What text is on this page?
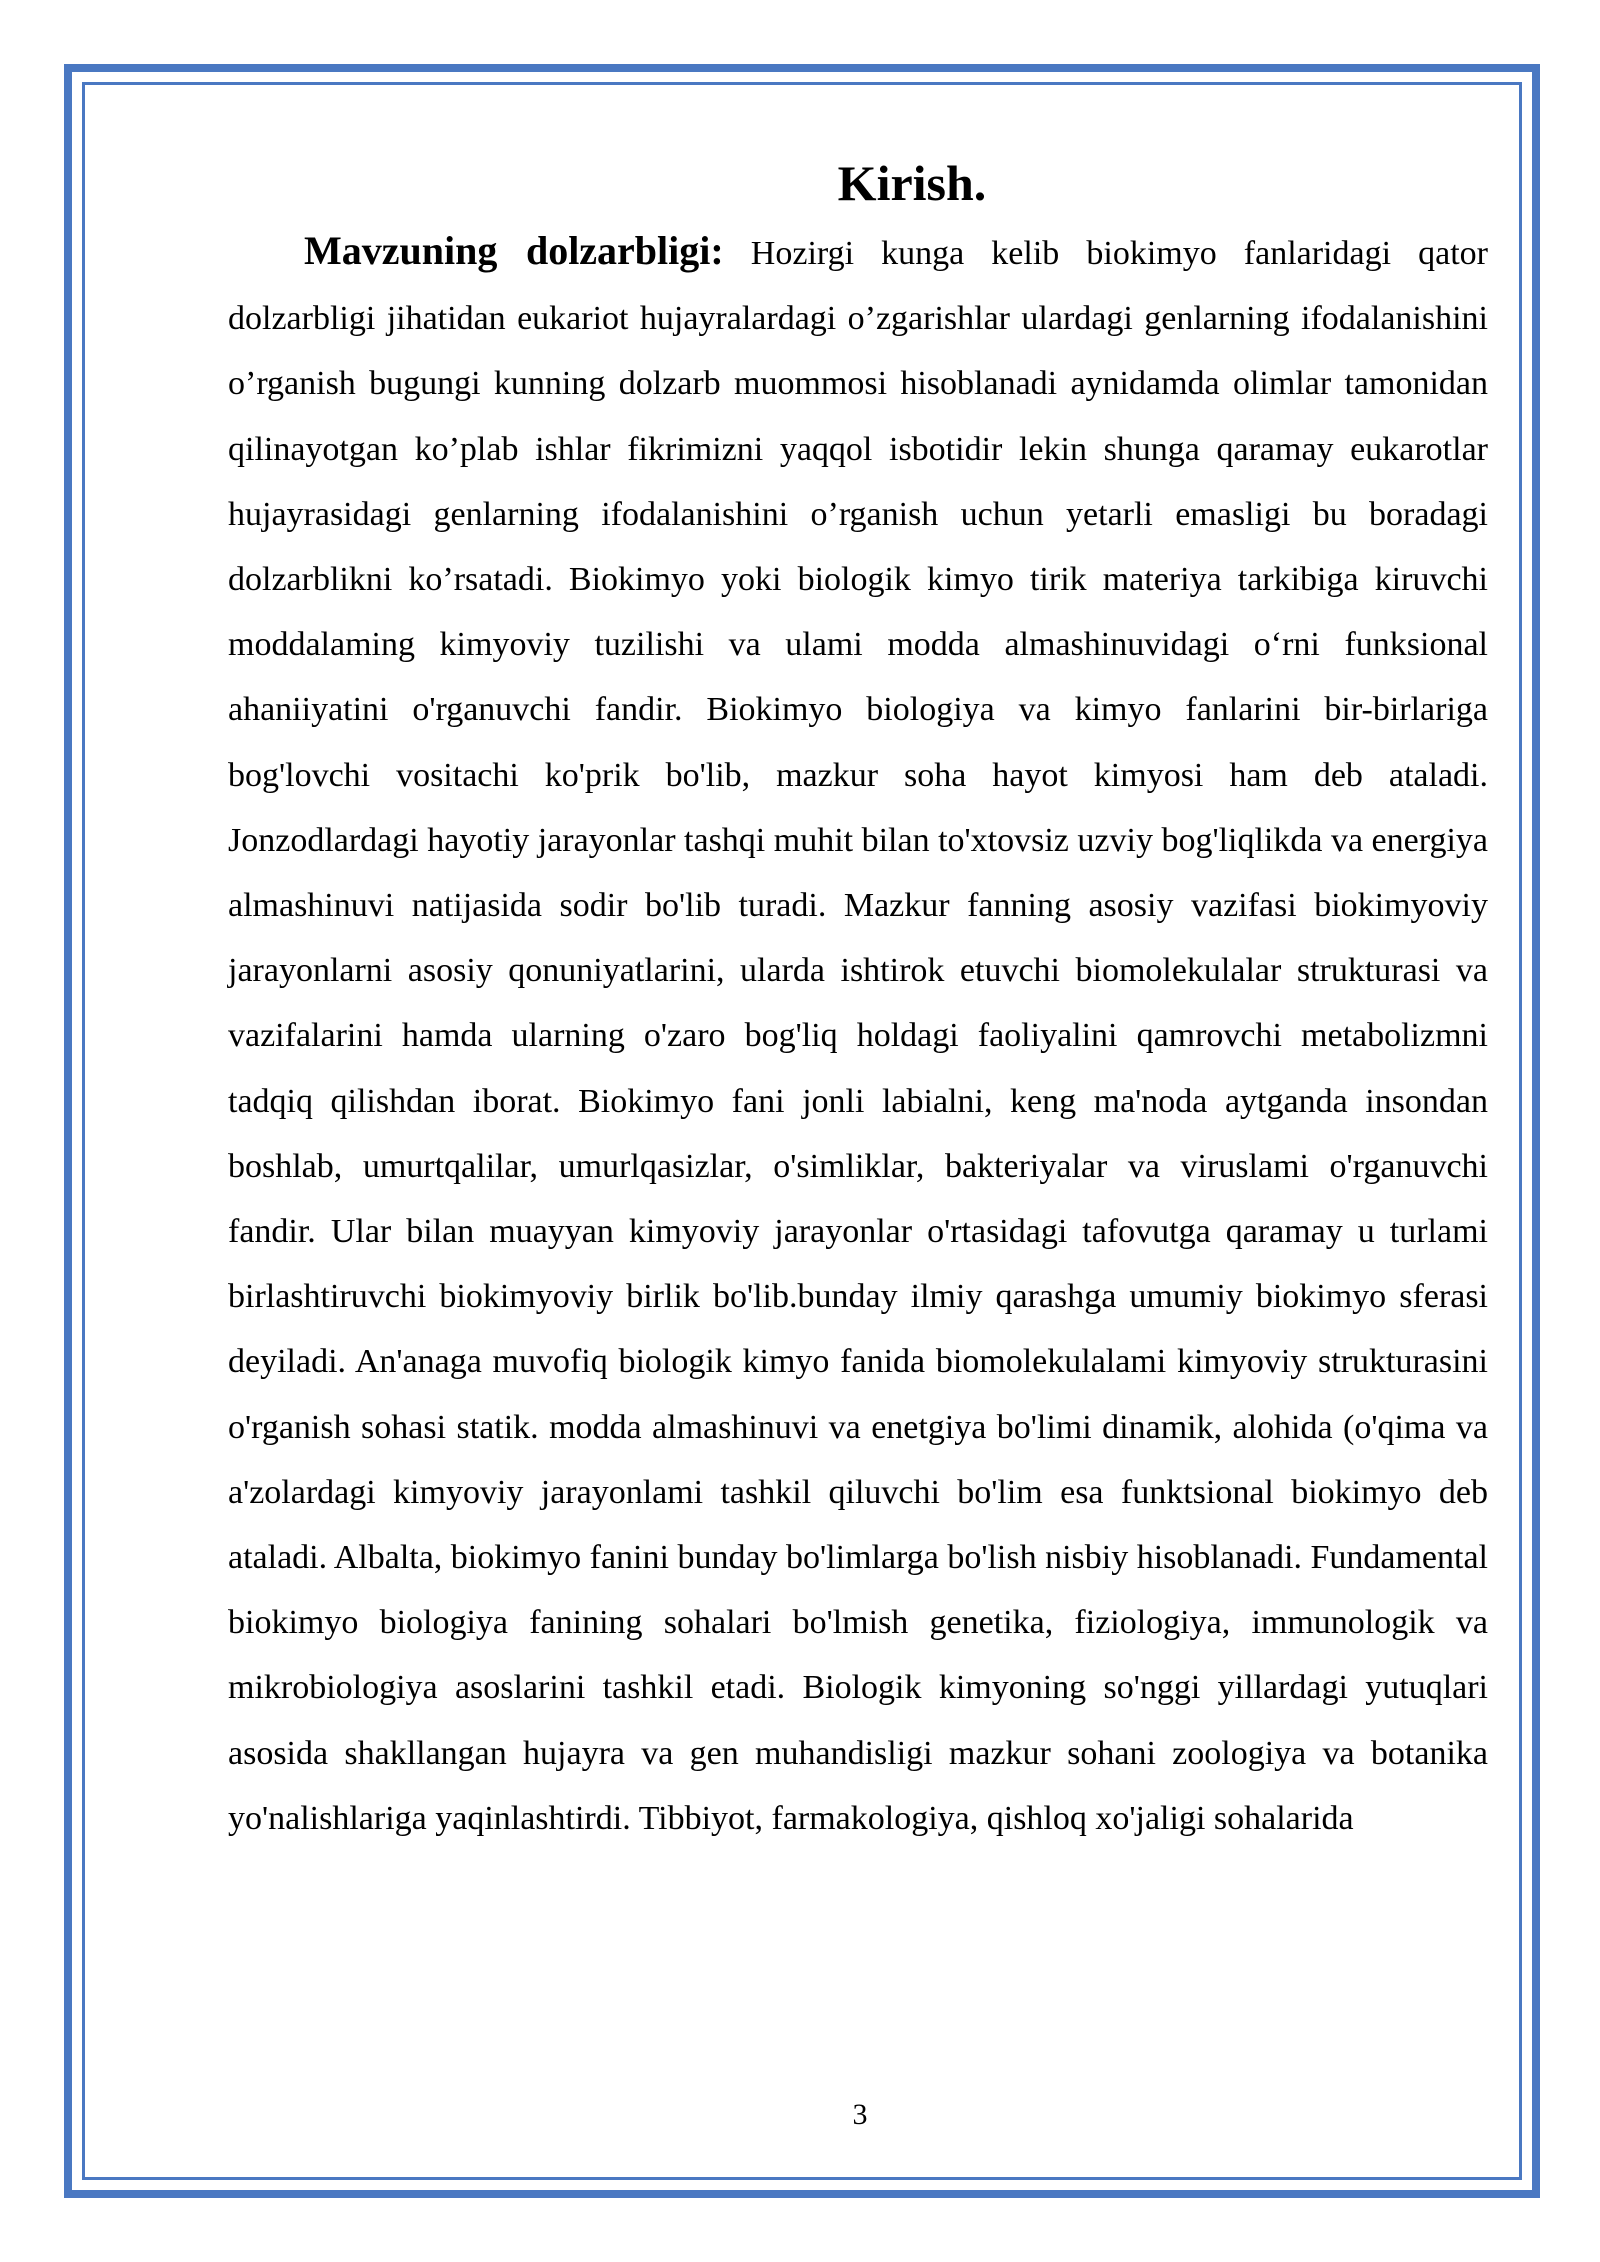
Kirish.

Mavzuning dolzarbligi: Hozirgi kunga kelib biokimyo fanlaridagi qator dolzarbligi jihatidan eukariot hujayralardagi o’zgarishlar ulardagi genlarning ifodalanishini o’rganish bugungi kunning dolzarb muommosi hisoblanadi aynidamda olimlar tamonidan qilinayotgan ko’plab ishlar fikrimizni yaqqol isbotidir lekin shunga qaramay eukarotlar hujayrasidagi genlarning ifodalanishini o’rganish uchun yetarli emasligi bu boradagi dolzarblikni ko’rsatadi. Biokimyo yoki biologik kimyo tirik materiya tarkibiga kiruvchi moddalaming kimyoviy tuzilishi va ulami modda almashinuvidagi o‘rni funksional ahaniiyatini o'rganuvchi fandir. Biokimyo biologiya va kimyo fanlarini bir-birlariga bog'lovchi vositachi ko'prik bo'lib, mazkur soha hayot kimyosi ham deb ataladi. Jonzodlardagi hayotiy jarayonlar tashqi muhit bilan to'xtovsiz uzviy bog'liqlikda va energiya almashinuvi natijasida sodir bo'lib turadi. Mazkur fanning asosiy vazifasi biokimyoviy jarayonlarni asosiy qonuniyatlarini, ularda ishtirok etuvchi biomolekulalar strukturasi va vazifalarini hamda ularning o'zaro bog'liq holdagi faoliyalini qamrovchi metabolizmni tadqiq qilishdan iborat. Biokimyo fani jonli labialni, keng ma'noda aytganda insondan boshlab, umurtqalilar, umurlqasizlar, o'simliklar, bakteriyalar va viruslami o'rganuvchi fandir. Ular bilan muayyan kimyoviy jarayonlar o'rtasidagi tafovutga qaramay u turlami birlashtiruvchi biokimyoviy birlik bo'lib.bunday ilmiy qarashga umumiy biokimyo sferasi deyiladi. An'anaga muvofiq biologik kimyo fanida biomolekulalami kimyoviy strukturasini o'rganish sohasi statik. modda almashinuvi va enetgiya bo'limi dinamik, alohida (o'qima va a'zolardagi kimyoviy jarayonlami tashkil qiluvchi bo'lim esa funktsional biokimyo deb ataladi. Albalta, biokimyo fanini bunday bo'limlarga bo'lish nisbiy hisoblanadi. Fundamental biokimyo biologiya fanining sohalari bo'lmish genetika, fiziologiya, immunologik va mikrobiologiya asoslarini tashkil etadi. Biologik kimyoning so'nggi yillardagi yutuqlari asosida shakllangan hujayra va gen muhandisligi mazkur sohani zoologiya va botanika yo'nalishlariga yaqinlashtirdi. Tibbiyot, farmakologiya, qishloq xo'jaligi sohalarida

3
